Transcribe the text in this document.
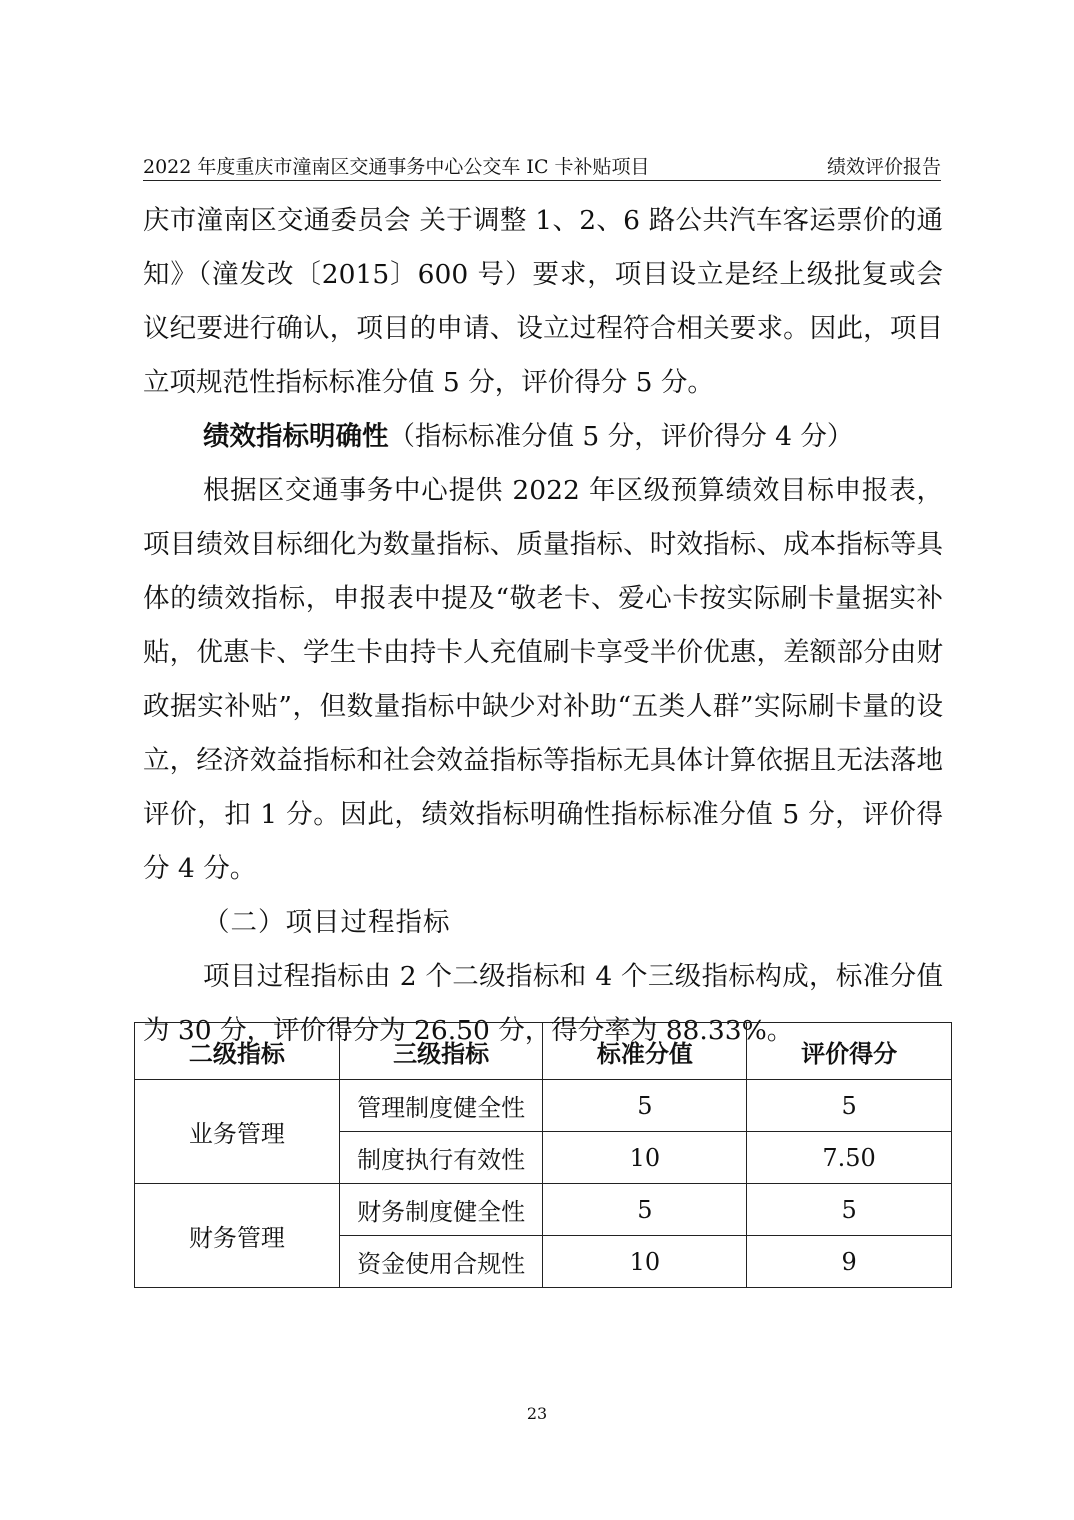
2022 年度重庆市潼南区交通事务中心公交车 IC 卡补贴项目	绩效评价报告

庆市潼南区交通委员会 关于调整 1、2、6 路公共汽车客运票价的通知》（潼发改〔2015〕600 号）要求，项目设立是经上级批复或会议纪要进行确认，项目的申请、设立过程符合相关要求。因此，项目立项规范性指标标准分值 5 分，评价得分 5 分。

绩效指标明确性（指标标准分值 5 分，评价得分 4 分）

根据区交通事务中心提供 2022 年区级预算绩效目标申报表，项目绩效目标细化为数量指标、质量指标、时效指标、成本指标等具体的绩效指标，申报表中提及“敬老卡、爱心卡按实际刷卡量据实补贴，优惠卡、学生卡由持卡人充值刷卡享受半价优惠，差额部分由财政据实补贴”，但数量指标中缺少对补助“五类人群”实际刷卡量的设立，经济效益指标和社会效益指标等指标无具体计算依据且无法落地评价，扣 1 分。因此，绩效指标明确性指标标准分值 5 分，评价得分 4 分。

（二）项目过程指标

项目过程指标由 2 个二级指标和 4 个三级指标构成，标准分值为 30 分，评价得分为 26.50 分，得分率为 88.33%。

二级指标	三级指标	标准分值	评价得分
业务管理	管理制度健全性	5	5
	制度执行有效性	10	7.50
财务管理	财务制度健全性	5	5
	资金使用合规性	10	9
23
